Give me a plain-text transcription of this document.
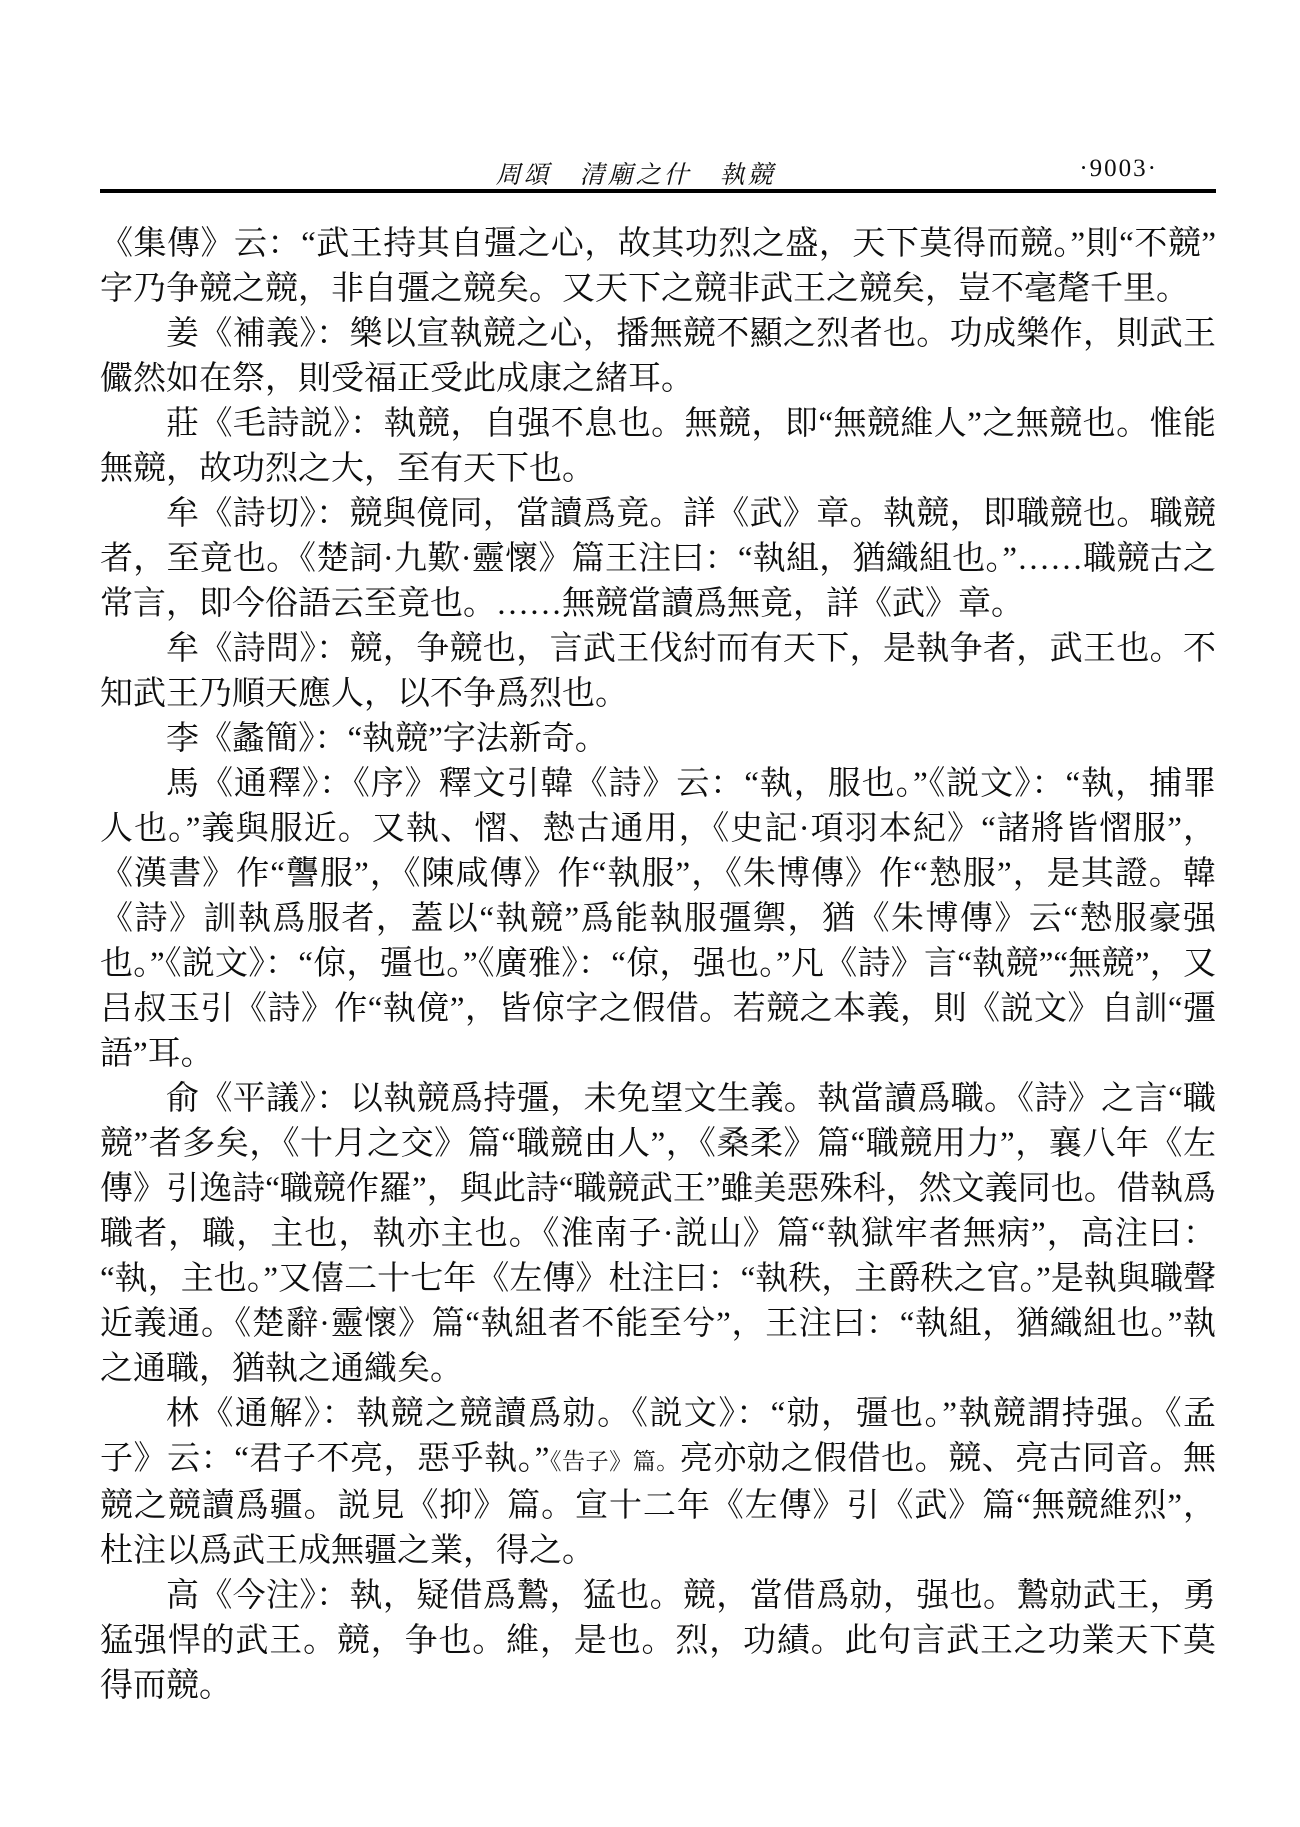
周頌　清廟之什　執競	·9003·

《集傳》云：“武王持其自彊之心，故其功烈之盛，天下莫得而競。”則“不競”字乃争競之競，非自彊之競矣。又天下之競非武王之競矣，豈不毫氂千里。

姜《補義》：樂以宣執競之心，播無競不顯之烈者也。功成樂作，則武王儼然如在祭，則受福正受此成康之緒耳。

莊《毛詩説》：執競，自强不息也。無競，即“無競維人”之無競也。惟能無競，故功烈之大，至有天下也。

牟《詩切》：競與傹同，當讀爲竟。詳《武》章。執競，即職競也。職競者，至竟也。《楚詞·九歎·靈懷》篇王注曰：“執組，猶織組也。”……職競古之常言，即今俗語云至竟也。……無競當讀爲無竟，詳《武》章。

牟《詩問》：競，争競也，言武王伐紂而有天下，是執争者，武王也。不知武王乃順天應人，以不争爲烈也。

李《蠡簡》：“執競”字法新奇。

馬《通釋》：《序》釋文引韓《詩》云：“執，服也。”《説文》：“執，捕罪人也。”義與服近。又執、慴、慹古通用，《史記·項羽本紀》“諸將皆慴服”，《漢書》作“讋服”，《陳咸傳》作“執服”，《朱博傳》作“慹服”，是其證。韓《詩》訓執爲服者，蓋以“執競”爲能執服彊禦，猶《朱博傳》云“慹服豪强也。”《説文》：“倞，彊也。”《廣雅》：“倞，强也。”凡《詩》言“執競”“無競”，又吕叔玉引《詩》作“執傹”，皆倞字之假借。若競之本義，則《説文》自訓“彊語”耳。

俞《平議》：以執競爲持彊，未免望文生義。執當讀爲職。《詩》之言“職競”者多矣，《十月之交》篇“職競由人”，《桑柔》篇“職競用力”，襄八年《左傳》引逸詩“職競作羅”，與此詩“職競武王”雖美惡殊科，然文義同也。借執爲職者，職，主也，執亦主也。《淮南子·説山》篇“執獄牢者無病”，高注曰：“執，主也。”又僖二十七年《左傳》杜注曰：“執秩，主爵秩之官。”是執與職聲近義通。《楚辭·靈懷》篇“執組者不能至兮”，王注曰：“執組，猶織組也。”執之通職，猶執之通織矣。

林《通解》：執競之競讀爲勍。《説文》：“勍，彊也。”執競謂持强。《孟子》云：“君子不亮，惡乎執。”《告子》篇。亮亦勍之假借也。競、亮古同音。無競之競讀爲疆。説見《抑》篇。宣十二年《左傳》引《武》篇“無競維烈”，杜注以爲武王成無疆之業，得之。

高《今注》：執，疑借爲鷙，猛也。競，當借爲勍，强也。鷙勍武王，勇猛强悍的武王。競，争也。維，是也。烈，功績。此句言武王之功業天下莫得而競。
